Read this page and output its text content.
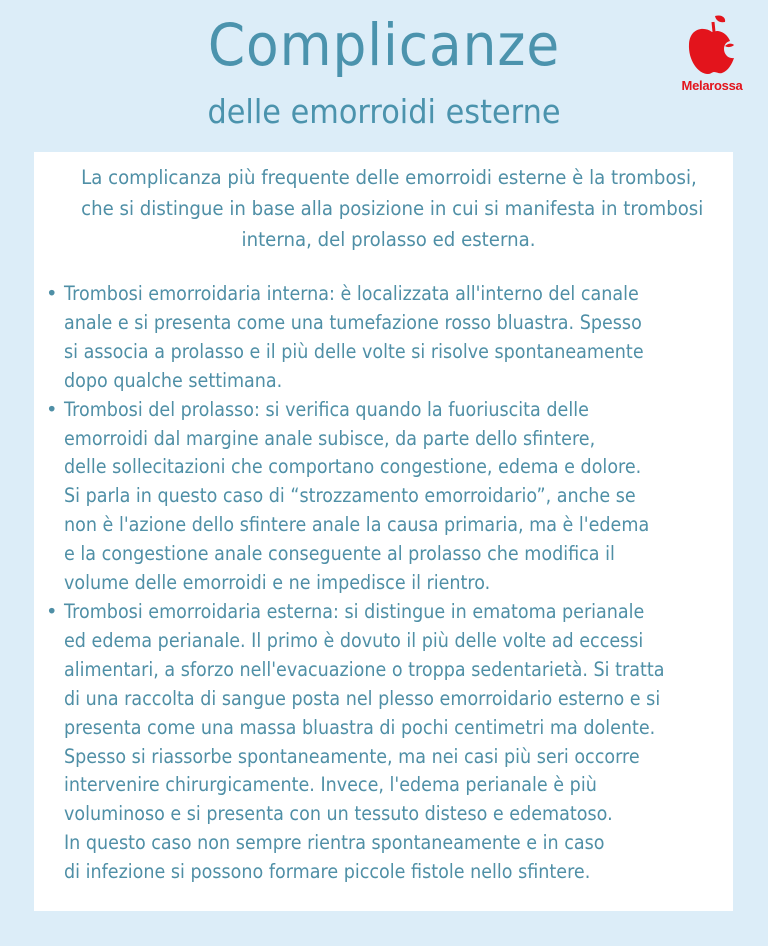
Complicanze
delle emorroidi esterne
Melarossa
La complicanza più frequente delle emorroidi esterne è la trombosi,
che si distingue in base alla posizione in cui si manifesta in trombosi
interna, del prolasso ed esterna.
• Trombosi emorroidaria interna: è localizzata all'interno del canale
anale e si presenta come una tumefazione rosso bluastra. Spesso
si associa a prolasso e il più delle volte si risolve spontaneamente
dopo qualche settimana.
• Trombosi del prolasso: si verifica quando la fuoriuscita delle
emorroidi dal margine anale subisce, da parte dello sfintere,
delle sollecitazioni che comportano congestione, edema e dolore.
Si parla in questo caso di “strozzamento emorroidario”, anche se
non è l'azione dello sfintere anale la causa primaria, ma è l'edema
e la congestione anale conseguente al prolasso che modifica il
volume delle emorroidi e ne impedisce il rientro.
• Trombosi emorroidaria esterna: si distingue in ematoma perianale
ed edema perianale. Il primo è dovuto il più delle volte ad eccessi
alimentari, a sforzo nell'evacuazione o troppa sedentarietà. Si tratta
di una raccolta di sangue posta nel plesso emorroidario esterno e si
presenta come una massa bluastra di pochi centimetri ma dolente.
Spesso si riassorbe spontaneamente, ma nei casi più seri occorre
intervenire chirurgicamente. Invece, l'edema perianale è più
voluminoso e si presenta con un tessuto disteso e edematoso.
In questo caso non sempre rientra spontaneamente e in caso
di infezione si possono formare piccole fistole nello sfintere.
